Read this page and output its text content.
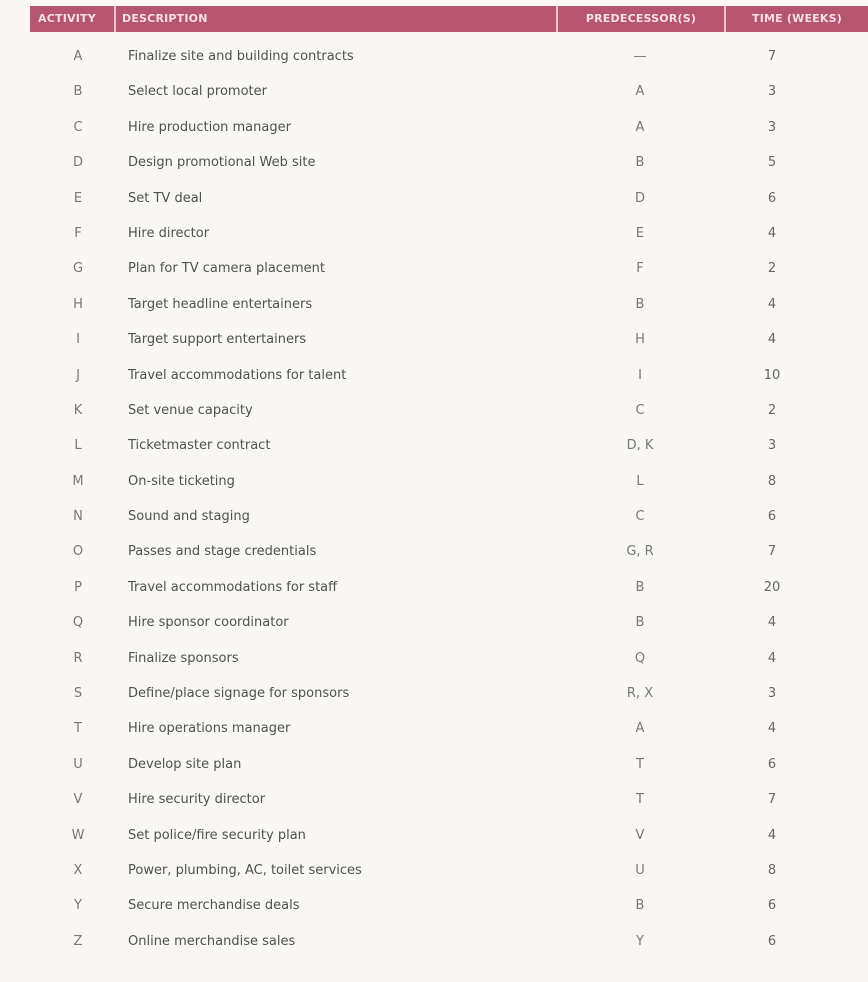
ACTIVITY	DESCRIPTION	PREDECESSOR(S)	TIME (WEEKS)
A	Finalize site and building contracts	—	7
B	Select local promoter	A	3
C	Hire production manager	A	3
D	Design promotional Web site	B	5
E	Set TV deal	D	6
F	Hire director	E	4
G	Plan for TV camera placement	F	2
H	Target headline entertainers	B	4
I	Target support entertainers	H	4
J	Travel accommodations for talent	I	10
K	Set venue capacity	C	2
L	Ticketmaster contract	D, K	3
M	On-site ticketing	L	8
N	Sound and staging	C	6
O	Passes and stage credentials	G, R	7
P	Travel accommodations for staff	B	20
Q	Hire sponsor coordinator	B	4
R	Finalize sponsors	Q	4
S	Define/place signage for sponsors	R, X	3
T	Hire operations manager	A	4
U	Develop site plan	T	6
V	Hire security director	T	7
W	Set police/fire security plan	V	4
X	Power, plumbing, AC, toilet services	U	8
Y	Secure merchandise deals	B	6
Z	Online merchandise sales	Y	6
